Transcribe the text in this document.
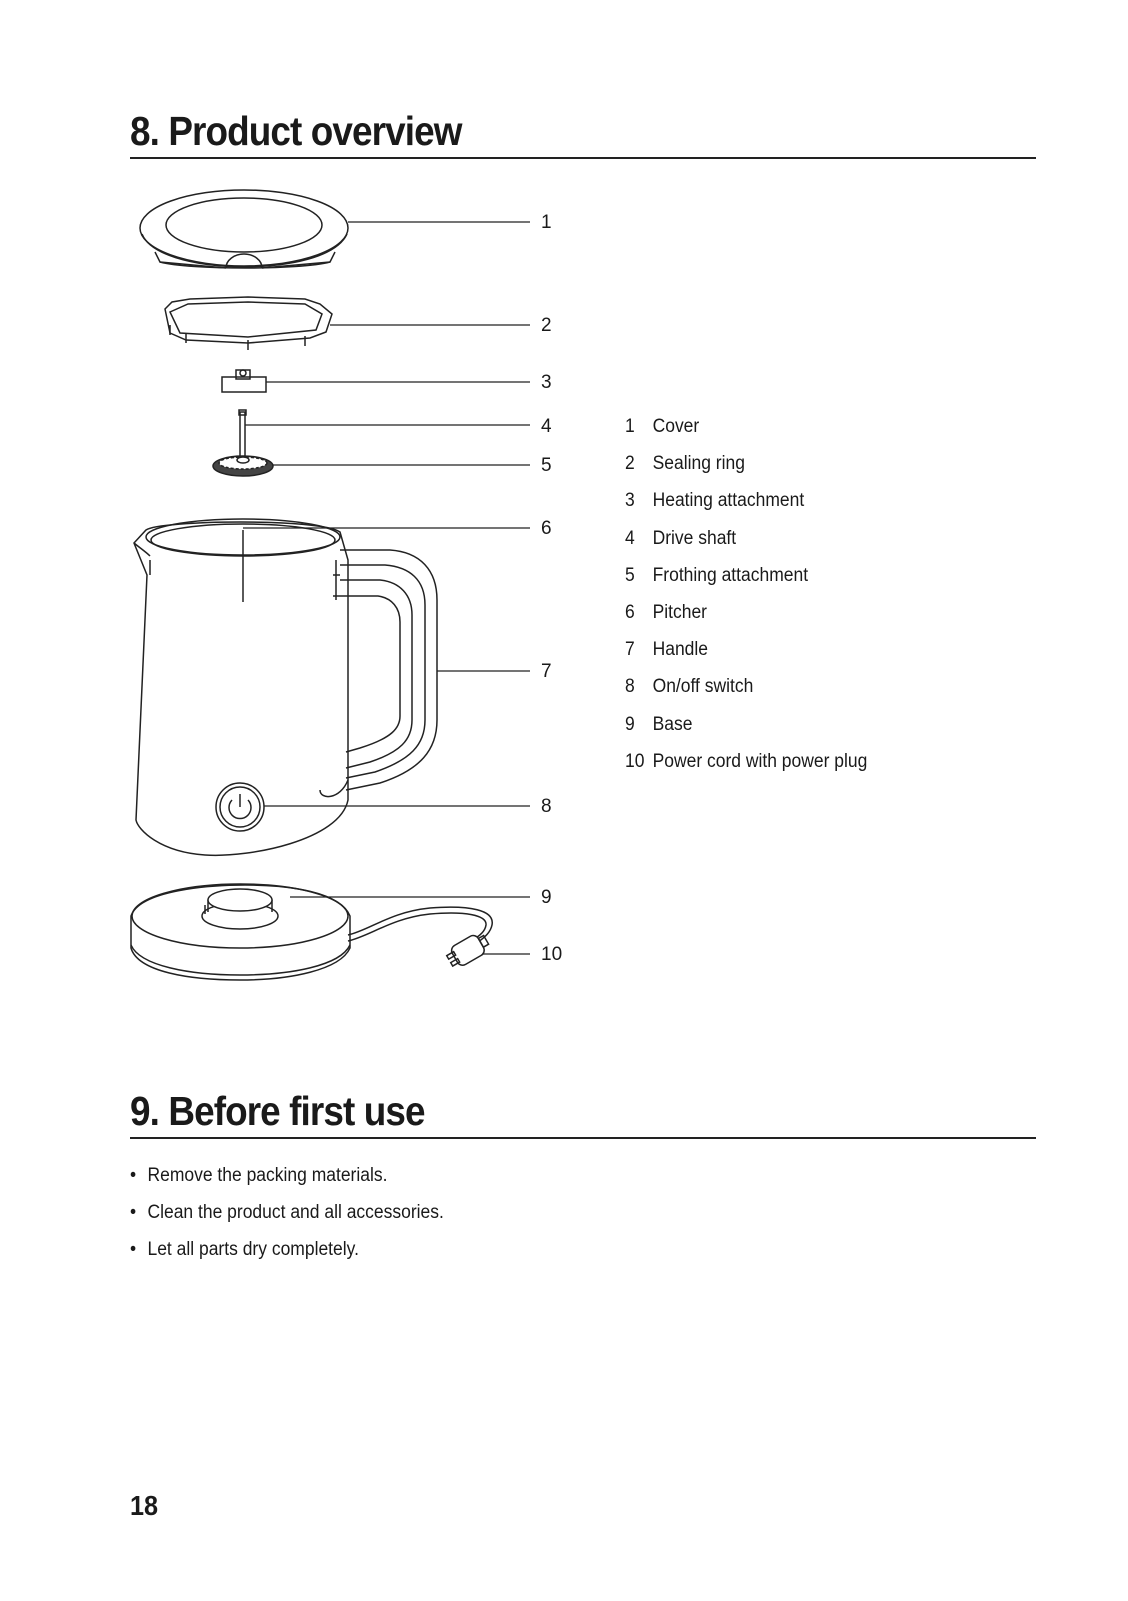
8. Product overview
1
2
3
4
5
6
7
8
9
10
1 Cover
2 Sealing ring
3 Heating attachment
4 Drive shaft
5 Frothing attachment
6 Pitcher
7 Handle
8 On/off switch
9 Base
10 Power cord with power plug
9. Before first use
• Remove the packing materials.
• Clean the product and all accessories.
• Let all parts dry completely.
18
